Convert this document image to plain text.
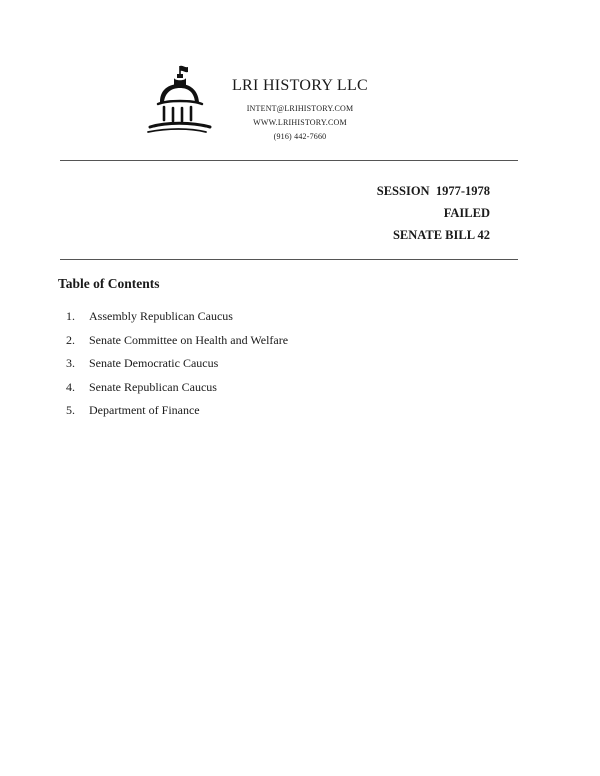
LRI HISTORY LLC
INTENT@LRIHISTORY.COM
WWW.LRIHISTORY.COM
(916) 442-7660
SESSION  1977-1978
FAILED
SENATE BILL 42
Table of Contents
1.	Assembly Republican Caucus
2.	Senate Committee on Health and Welfare
3.	Senate Democratic Caucus
4.	Senate Republican Caucus
5.	Department of Finance
